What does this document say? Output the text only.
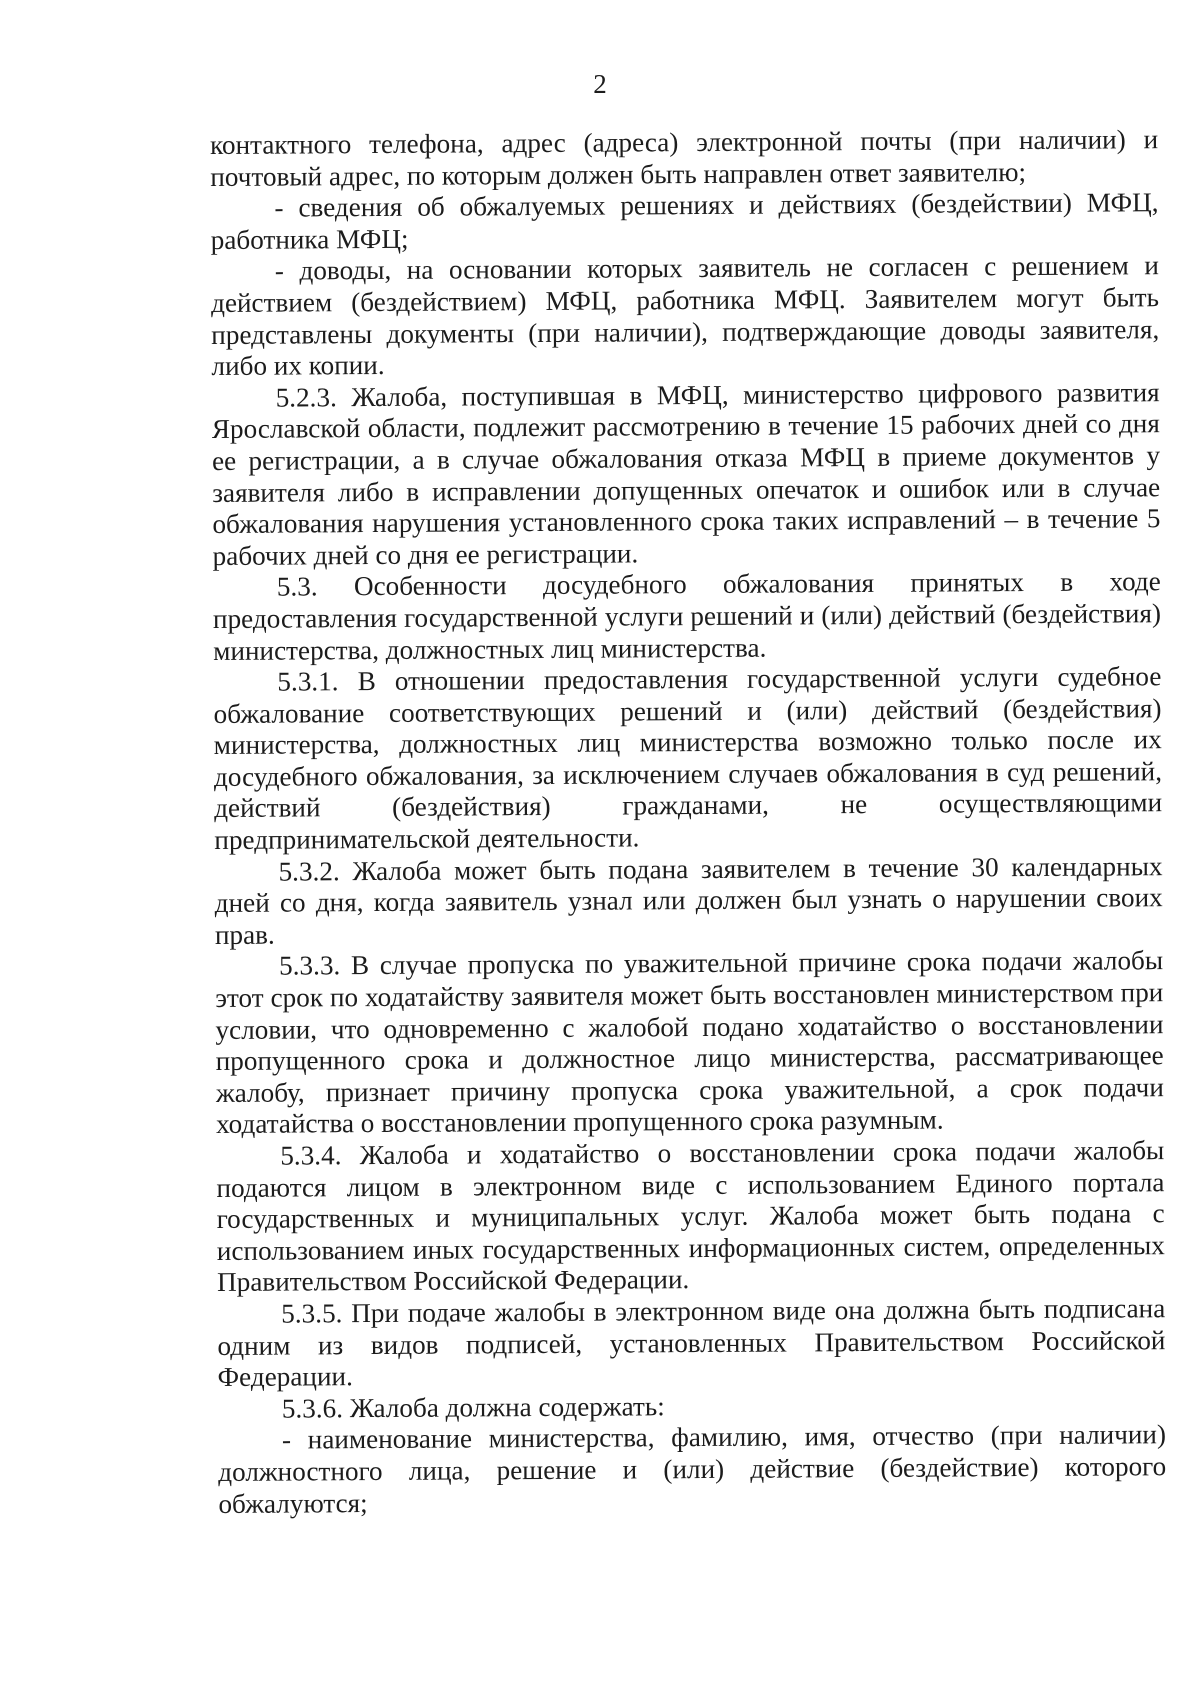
2

контактного телефона, адрес (адреса) электронной почты (при наличии) и почтовый адрес, по которым должен быть направлен ответ заявителю;

- сведения об обжалуемых решениях и действиях (бездействии) МФЦ, работника МФЦ;

- доводы, на основании которых заявитель не согласен с решением и действием (бездействием) МФЦ, работника МФЦ. Заявителем могут быть представлены документы (при наличии), подтверждающие доводы заявителя, либо их копии.

5.2.3. Жалоба, поступившая в МФЦ, министерство цифрового развития Ярославской области, подлежит рассмотрению в течение 15 рабочих дней со дня ее регистрации, а в случае обжалования отказа МФЦ в приеме документов у заявителя либо в исправлении допущенных опечаток и ошибок или в случае обжалования нарушения установленного срока таких исправлений – в течение 5 рабочих дней со дня ее регистрации.

5.3. Особенности досудебного обжалования принятых в ходе предоставления государственной услуги решений и (или) действий (бездействия) министерства, должностных лиц министерства.

5.3.1. В отношении предоставления государственной услуги судебное обжалование соответствующих решений и (или) действий (бездействия) министерства, должностных лиц министерства возможно только после их досудебного обжалования, за исключением случаев обжалования в суд решений, действий (бездействия) гражданами, не осуществляющими предпринимательской деятельности.

5.3.2. Жалоба может быть подана заявителем в течение 30 календарных дней со дня, когда заявитель узнал или должен был узнать о нарушении своих прав.

5.3.3. В случае пропуска по уважительной причине срока подачи жалобы этот срок по ходатайству заявителя может быть восстановлен министерством при условии, что одновременно с жалобой подано ходатайство о восстановлении пропущенного срока и должностное лицо министерства, рассматривающее жалобу, признает причину пропуска срока уважительной, а срок подачи ходатайства о восстановлении пропущенного срока разумным.

5.3.4. Жалоба и ходатайство о восстановлении срока подачи жалобы подаются лицом в электронном виде с использованием Единого портала государственных и муниципальных услуг. Жалоба может быть подана с использованием иных государственных информационных систем, определенных Правительством Российской Федерации.

5.3.5. При подаче жалобы в электронном виде она должна быть подписана одним из видов подписей, установленных Правительством Российской Федерации.

5.3.6. Жалоба должна содержать:

- наименование министерства, фамилию, имя, отчество (при наличии) должностного лица, решение и (или) действие (бездействие) которого обжалуются;
